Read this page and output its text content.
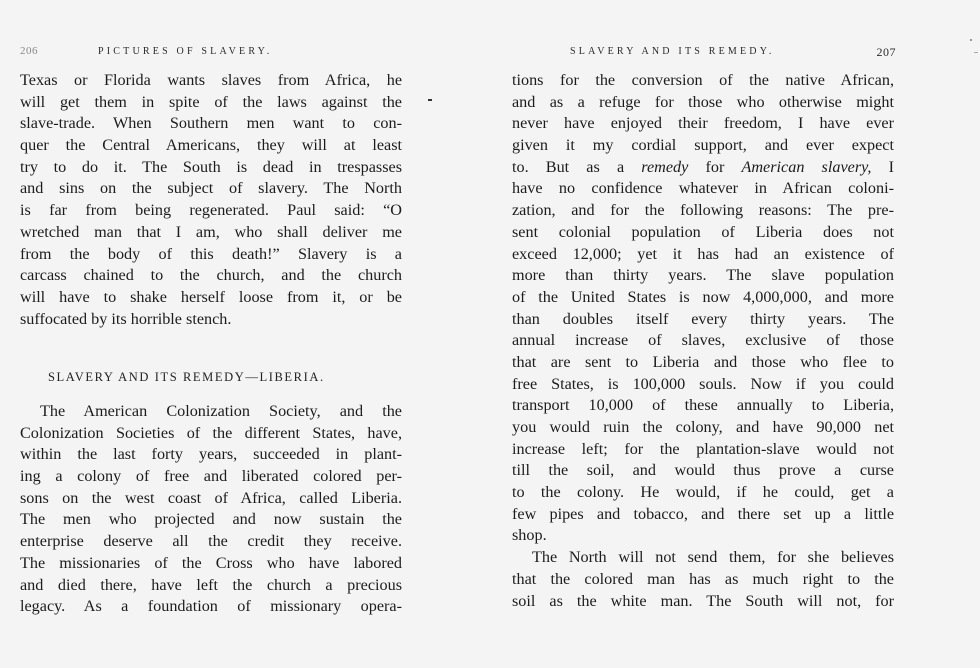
206	PICTURES OF SLAVERY.
Texas or Florida wants slaves from Africa, he
will get them in spite of the laws against the
slave-trade. When Southern men want to con-
quer the Central Americans, they will at least
try to do it. The South is dead in trespasses
and sins on the subject of slavery. The North
is far from being regenerated. Paul said: “O
wretched man that I am, who shall deliver me
from the body of this death!” Slavery is a
carcass chained to the church, and the church
will have to shake herself loose from it, or be
suffocated by its horrible stench.
SLAVERY AND ITS REMEDY—LIBERIA.
The American Colonization Society, and the
Colonization Societies of the different States, have,
within the last forty years, succeeded in plant-
ing a colony of free and liberated colored per-
sons on the west coast of Africa, called Liberia.
The men who projected and now sustain the
enterprise deserve all the credit they receive.
The missionaries of the Cross who have labored
and died there, have left the church a precious
legacy. As a foundation of missionary opera-
SLAVERY AND ITS REMEDY.	207
tions for the conversion of the native African,
and as a refuge for those who otherwise might
never have enjoyed their freedom, I have ever
given it my cordial support, and ever expect
to. But as a remedy for American slavery, I
have no confidence whatever in African coloni-
zation, and for the following reasons: The pre-
sent colonial population of Liberia does not
exceed 12,000; yet it has had an existence of
more than thirty years. The slave population
of the United States is now 4,000,000, and more
than doubles itself every thirty years. The
annual increase of slaves, exclusive of those
that are sent to Liberia and those who flee to
free States, is 100,000 souls. Now if you could
transport 10,000 of these annually to Liberia,
you would ruin the colony, and have 90,000 net
increase left; for the plantation-slave would not
till the soil, and would thus prove a curse
to the colony. He would, if he could, get a
few pipes and tobacco, and there set up a little
shop.
The North will not send them, for she believes
that the colored man has as much right to the
soil as the white man. The South will not, for
